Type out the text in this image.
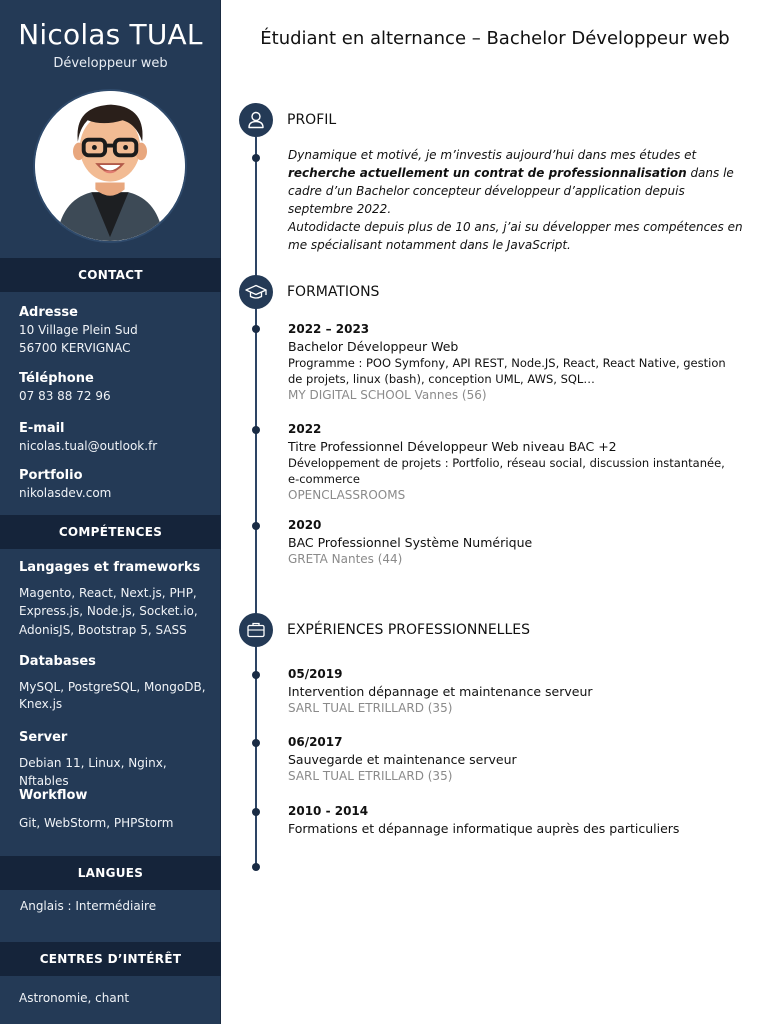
Nicolas TUAL
Développeur web
CONTACT
Adresse
10 Village Plein Sud
56700 KERVIGNAC
Téléphone
07 83 88 72 96
E-mail
nicolas.tual@outlook.fr
Portfolio
nikolasdev.com
COMPÉTENCES
Langages et frameworks
Magento, React, Next.js, PHP,
Express.js, Node.js, Socket.io,
AdonisJS, Bootstrap 5, SASS
Databases
MySQL, PostgreSQL, MongoDB,
Knex.js
Server
Debian 11, Linux, Nginx, Nftables
Workflow
Git, WebStorm, PHPStorm
LANGUES
Anglais : Intermédiaire
CENTRES D’INTÉRÊT
Astronomie, chant
Étudiant en alternance – Bachelor Développeur web
PROFIL
Dynamique et motivé, je m’investis aujourd’hui dans mes études et recherche actuellement un contrat de professionnalisation dans le cadre d’un Bachelor concepteur développeur d’application depuis septembre 2022.
Autodidacte depuis plus de 10 ans, j’ai su développer mes compétences en me spécialisant notamment dans le JavaScript.
FORMATIONS
2022 – 2023
Bachelor Développeur Web
Programme : POO Symfony, API REST, Node.JS, React, React Native, gestion de projets, linux (bash), conception UML, AWS, SQL…
MY DIGITAL SCHOOL Vannes (56)
2022
Titre Professionnel Développeur Web niveau BAC +2
Développement de projets : Portfolio, réseau social, discussion instantanée, e-commerce
OPENCLASSROOMS
2020
BAC Professionnel Système Numérique
GRETA Nantes (44)
EXPÉRIENCES PROFESSIONNELLES
05/2019
Intervention dépannage et maintenance serveur
SARL TUAL ETRILLARD (35)
06/2017
Sauvegarde et maintenance serveur
SARL TUAL ETRILLARD (35)
2010 - 2014
Formations et dépannage informatique auprès des particuliers
